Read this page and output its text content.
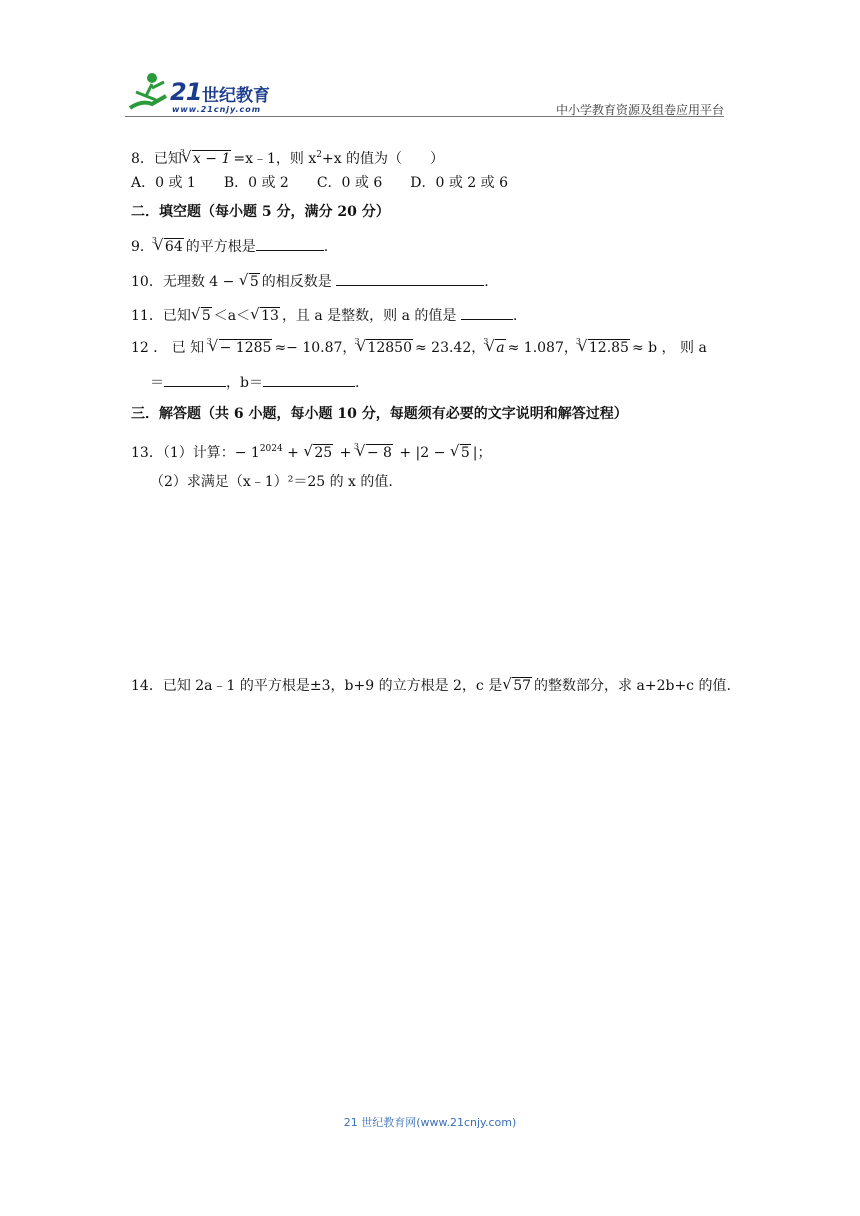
21 世纪教育
www.21cnjy.com	中小学教育资源及组卷应用平台
8．已知
√ 3 x − 1 =x﹣1，则 $x^2+x$ 的值为（　　）
A．0 或 1　　B．0 或 2　　C．0 或 6　　D．0 或 2 或 6
二．填空题（每小题 5 分，满分 20 分）
9．
√ 3 64 的平方根是	.
10．无理数 4 − √ 5 的相反数是	.
11．已知 √ 5 ＜a＜ √ 13 ，且 a 是整数，则 a 的值是	.
12 ． 已 知 √ 3 − 1285 ≈− 10.87，
√ 3 12850 ≈ 23.42，
√ 3 a ≈ 1.087，
√ 3 12.85 ≈ b ， 则 a
＝	，b＝	.
三．解答题（共 6 小题，每小题 10 分，每题须有必要的文字说明和解答过程）
13．（1）计算：− $1^{2024}$ + √ 25 + √ 3 − 8 + |2 − √ 5 |；
（2）求满足（x﹣1）²＝25 的 x 的值.
14．已知 2a﹣1 的平方根是±3，b+9 的立方根是 2，c 是 √ 57 的整数部分，求 a+2b+c 的值.
21 世纪教育网(www.21cnjy.com)
